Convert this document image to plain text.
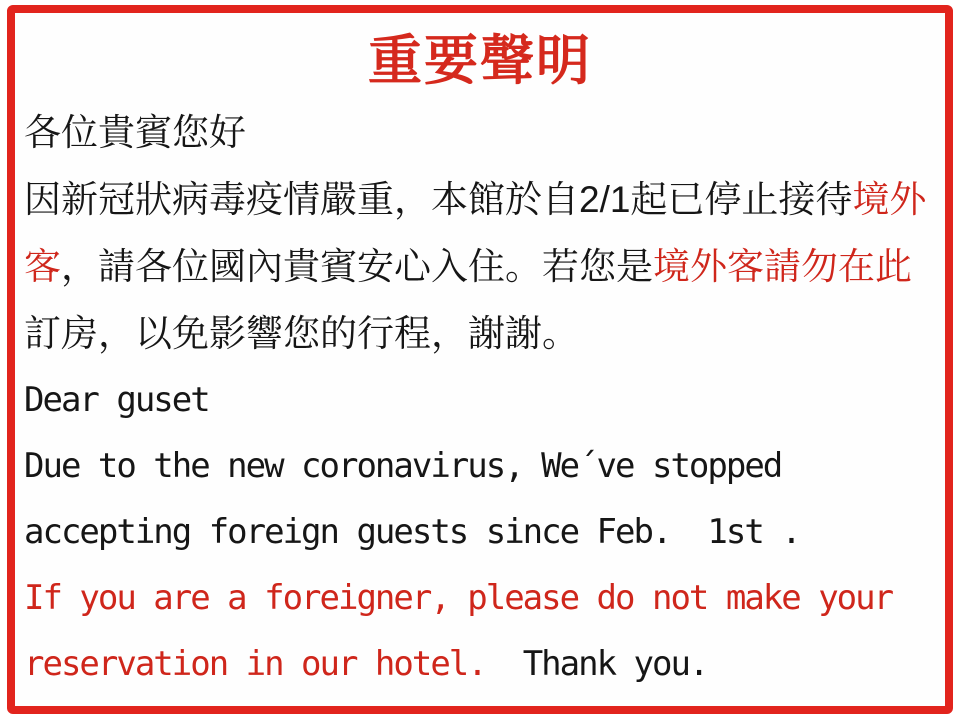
重要聲明

各位貴賓您好

因新冠狀病毒疫情嚴重，本館於自2/1起已停止接待境外客，請各位國內貴賓安心入住。若您是境外客請勿在此訂房，以免影響您的行程，謝謝。

Dear guset

Due to the new coronavirus, We´ve stopped accepting foreign guests since Feb.  1st .

If you are a foreigner, please do not make your reservation in our hotel.  Thank you.
